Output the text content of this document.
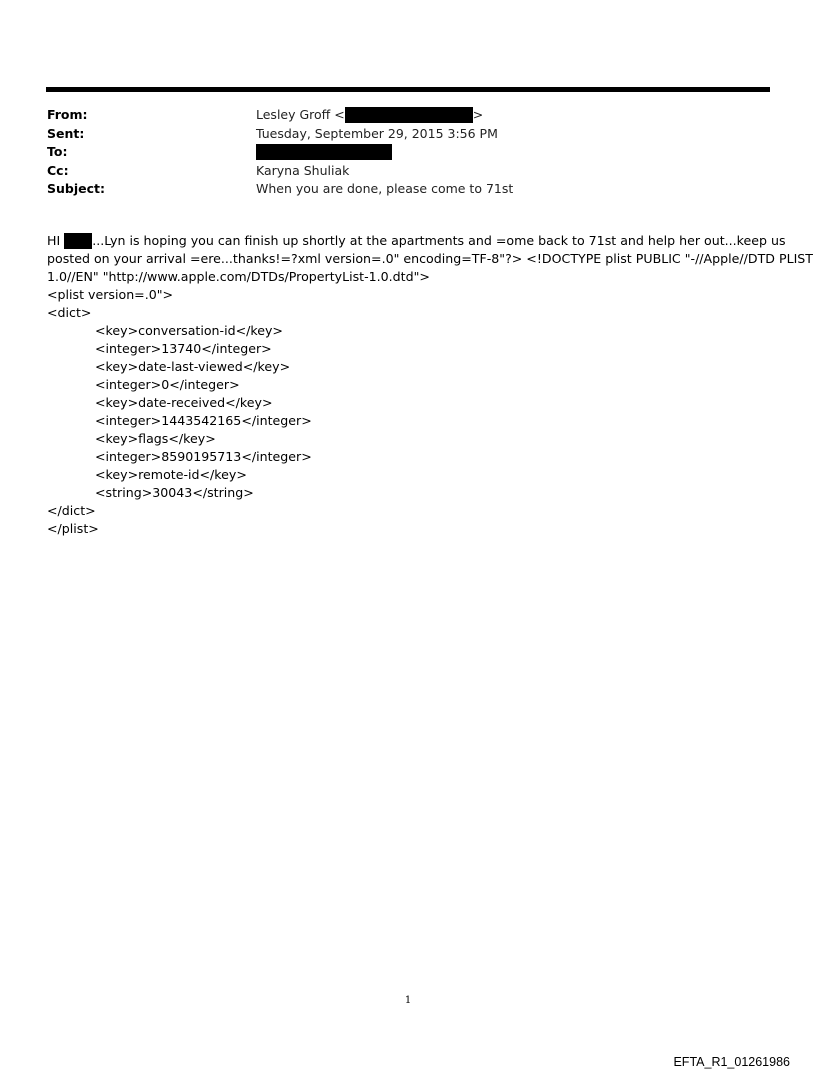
From:	Lesley Groff <	>
Sent:	Tuesday, September 29, 2015 3:56 PM
To:
Cc:	Karyna Shuliak
Subject:	When you are done, please come to 71st
HI ...Lyn is hoping you can finish up shortly at the apartments and =ome back to 71st and help her out...keep us
posted on your arrival =ere...thanks!=?xml version=.0" encoding=TF-8"?> <!DOCTYPE plist PUBLIC "-//Apple//DTD PLIST
1.0//EN" "http://www.apple.com/DTDs/PropertyList-1.0.dtd">
<plist version=.0">
<dict>
<key>conversation-id</key>
<integer>13740</integer>
<key>date-last-viewed</key>
<integer>0</integer>
<key>date-received</key>
<integer>1443542165</integer>
<key>flags</key>
<integer>8590195713</integer>
<key>remote-id</key>
<string>30043</string>
</dict>
</plist>
1
EFTA_R1_01261986
